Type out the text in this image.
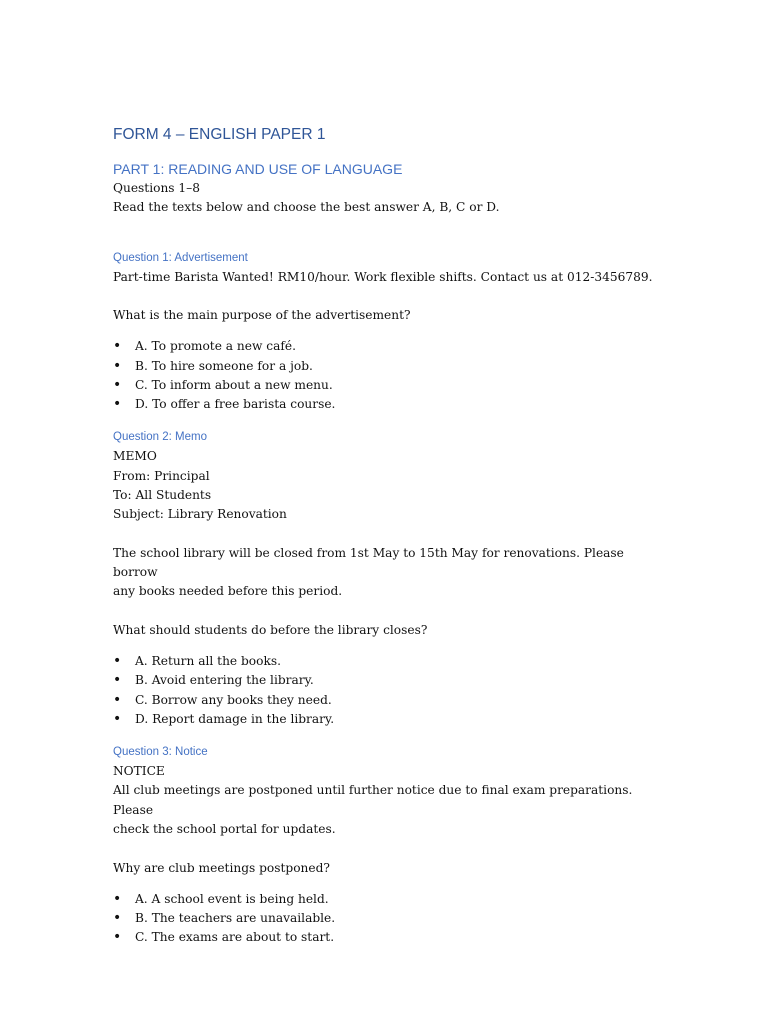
FORM 4 – ENGLISH PAPER 1
PART 1: READING AND USE OF LANGUAGE

Questions 1–8

Read the texts below and choose the best answer A, B, C or D.

Question 1: Advertisement

Part-time Barista Wanted! RM10/hour. Work flexible shifts. Contact us at 012-3456789.

What is the main purpose of the advertisement?

• A. To promote a new café.
• B. To hire someone for a job.
• C. To inform about a new menu.
• D. To offer a free barista course.
Question 2: Memo

MEMO

From: Principal

To: All Students

Subject: Library Renovation

The school library will be closed from 1st May to 15th May for renovations. Please borrow

any books needed before this period.

What should students do before the library closes?

• A. Return all the books.
• B. Avoid entering the library.
• C. Borrow any books they need.
• D. Report damage in the library.
Question 3: Notice

NOTICE

All club meetings are postponed until further notice due to final exam preparations. Please

check the school portal for updates.

Why are club meetings postponed?

• A. A school event is being held.
• B. The teachers are unavailable.
• C. The exams are about to start.
